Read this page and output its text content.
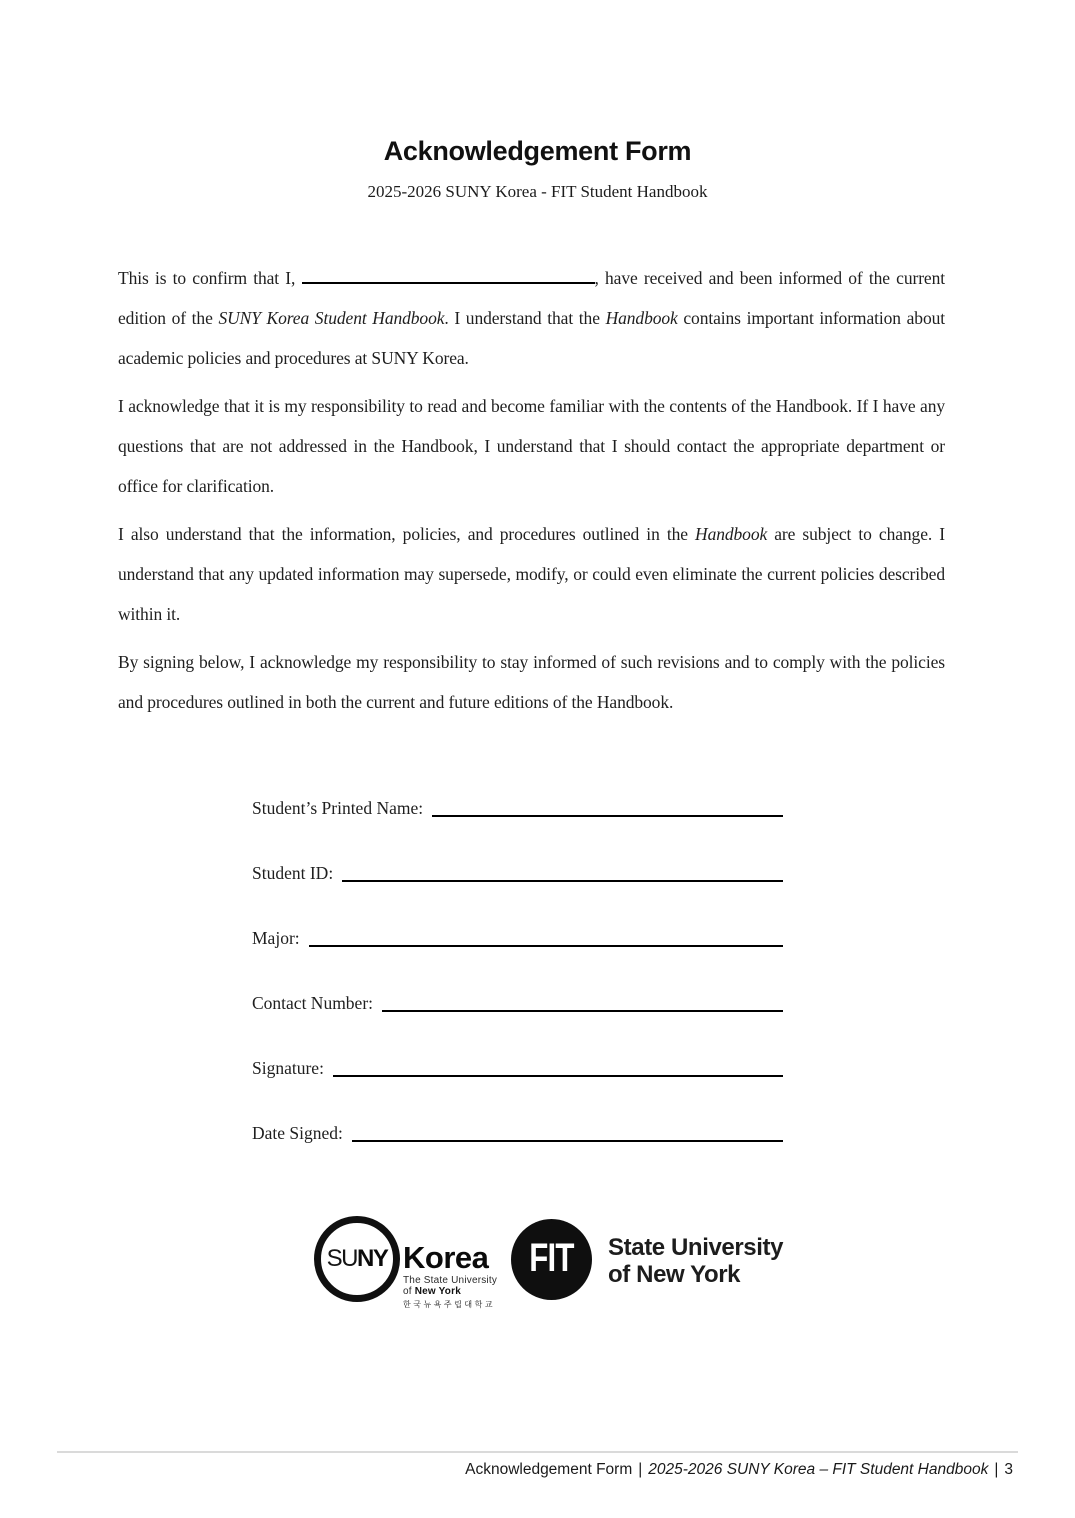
Acknowledgement Form
2025-2026 SUNY Korea - FIT Student Handbook

This is to confirm that I,	, have received and been informed of the current edition of the SUNY Korea Student Handbook. I understand that the Handbook contains important information about academic policies and procedures at SUNY Korea.

I acknowledge that it is my responsibility to read and become familiar with the contents of the Handbook. If I have any questions that are not addressed in the Handbook, I understand that I should contact the appropriate department or office for clarification.

I also understand that the information, policies, and procedures outlined in the Handbook are subject to change. I understand that any updated information may supersede, modify, or could even eliminate the current policies described within it.

By signing below, I acknowledge my responsibility to stay informed of such revisions and to comply with the policies and procedures outlined in both the current and future editions of the Handbook.

Student’s Printed Name:
Student ID:
Major:
Contact Number:
Signature:
Date Signed:
SU NY Korea
The State University
of New York
한국뉴욕주립대학교
FIT State University
of New York
Acknowledgement Form | 2025-2026 SUNY Korea – FIT Student Handbook | 3
